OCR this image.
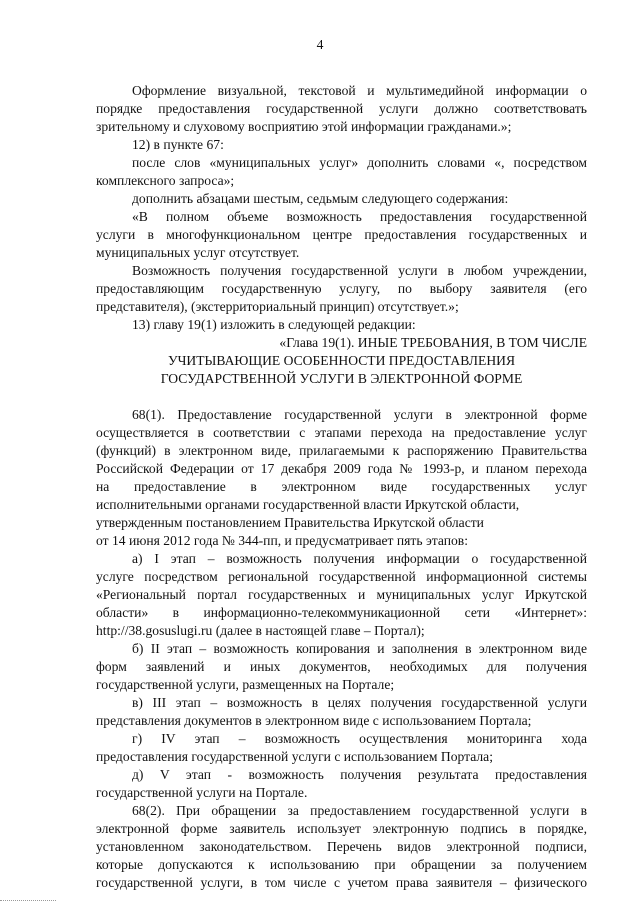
4
Оформление визуальной, текстовой и мультимедийной информации о
порядке предоставления государственной услуги должно соответствовать
зрительному и слуховому восприятию этой информации гражданами.»;
12) в пункте 67:
после слов «муниципальных услуг» дополнить словами «, посредством
комплексного запроса»;
дополнить абзацами шестым, седьмым следующего содержания:
«В полном объеме возможность предоставления государственной
услуги в многофункциональном центре предоставления государственных и
муниципальных услуг отсутствует.
Возможность получения государственной услуги в любом учреждении,
предоставляющим государственную услугу, по выбору заявителя (его
представителя), (экстерриториальный принцип) отсутствует.»;
13) главу 19(1) изложить в следующей редакции:
«Глава 19(1). ИНЫЕ ТРЕБОВАНИЯ, В ТОМ ЧИСЛЕ
УЧИТЫВАЮЩИЕ ОСОБЕННОСТИ ПРЕДОСТАВЛЕНИЯ
ГОСУДАРСТВЕННОЙ УСЛУГИ В ЭЛЕКТРОННОЙ ФОРМЕ
68(1). Предоставление государственной услуги в электронной форме
осуществляется в соответствии с этапами перехода на предоставление услуг
(функций) в электронном виде, прилагаемыми к распоряжению Правительства
Российской Федерации от 17 декабря 2009 года № 1993-р, и планом перехода
на предоставление в электронном виде государственных услуг
исполнительными органами государственной власти Иркутской области,
утвержденным постановлением Правительства Иркутской области
от 14 июня 2012 года № 344-пп, и предусматривает пять этапов:
а) I этап – возможность получения информации о государственной
услуге посредством региональной государственной информационной системы
«Региональный портал государственных и муниципальных услуг Иркутской
области» в информационно-телекоммуникационной сети «Интернет»:
http://38.gosuslugi.ru (далее в настоящей главе – Портал);
б) II этап – возможность копирования и заполнения в электронном виде
форм заявлений и иных документов, необходимых для получения
государственной услуги, размещенных на Портале;
в) III этап – возможность в целях получения государственной услуги
представления документов в электронном виде с использованием Портала;
г) IV этап – возможность осуществления мониторинга хода
предоставления государственной услуги с использованием Портала;
д) V этап - возможность получения результата предоставления
государственной услуги на Портале.
68(2). При обращении за предоставлением государственной услуги в
электронной форме заявитель использует электронную подпись в порядке,
установленном законодательством. Перечень видов электронной подписи,
которые допускаются к использованию при обращении за получением
государственной услуги, в том числе с учетом права заявителя – физического
